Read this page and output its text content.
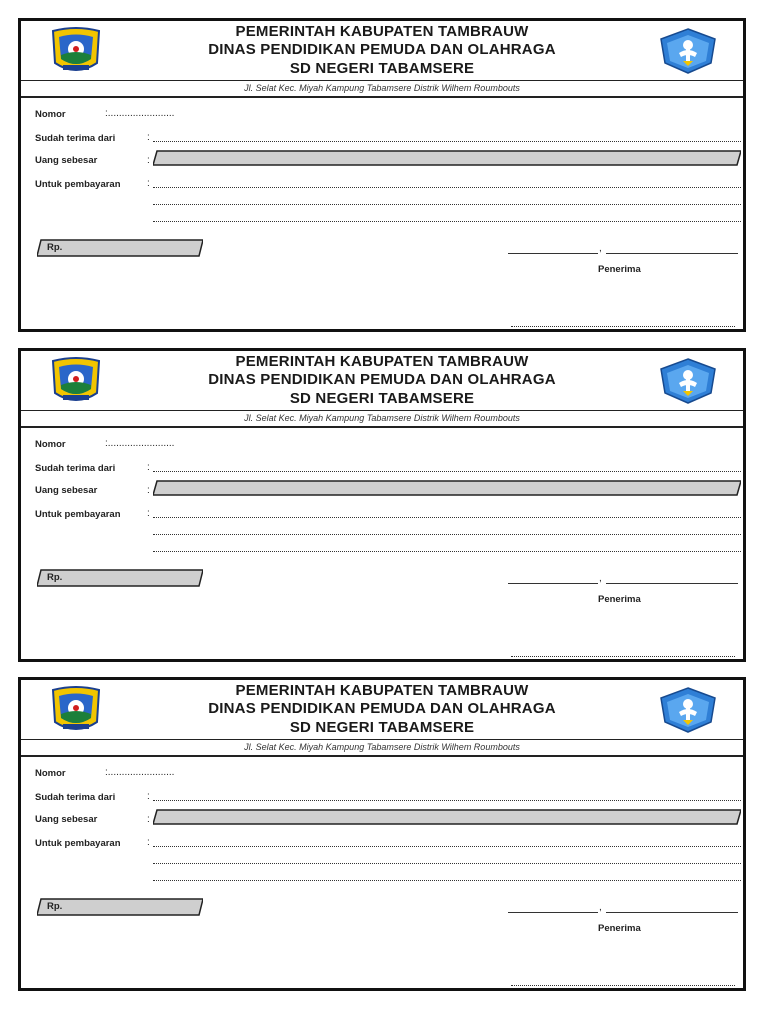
PEMERINTAH KABUPATEN TAMBRAUW
DINAS PENDIDIKAN PEMUDA DAN OLAHRAGA
SD NEGERI TABAMSERE
Jl. Selat Kec. Miyah Kampung Tabamsere Distrik Wilhem Roumbouts
Nomor	:........................
Sudah terima dari	:
Uang sebesar	:
Untuk pembayaran	:
Rp.	,
Penerima
PEMERINTAH KABUPATEN TAMBRAUW
DINAS PENDIDIKAN PEMUDA DAN OLAHRAGA
SD NEGERI TABAMSERE
Jl. Selat Kec. Miyah Kampung Tabamsere Distrik Wilhem Roumbouts
Nomor	:........................
Sudah terima dari	:
Uang sebesar	:
Untuk pembayaran	:
Rp.	,
Penerima
PEMERINTAH KABUPATEN TAMBRAUW
DINAS PENDIDIKAN PEMUDA DAN OLAHRAGA
SD NEGERI TABAMSERE
Jl. Selat Kec. Miyah Kampung Tabamsere Distrik Wilhem Roumbouts
Nomor	:........................
Sudah terima dari	:
Uang sebesar	:
Untuk pembayaran	:
Rp.	,
Penerima
